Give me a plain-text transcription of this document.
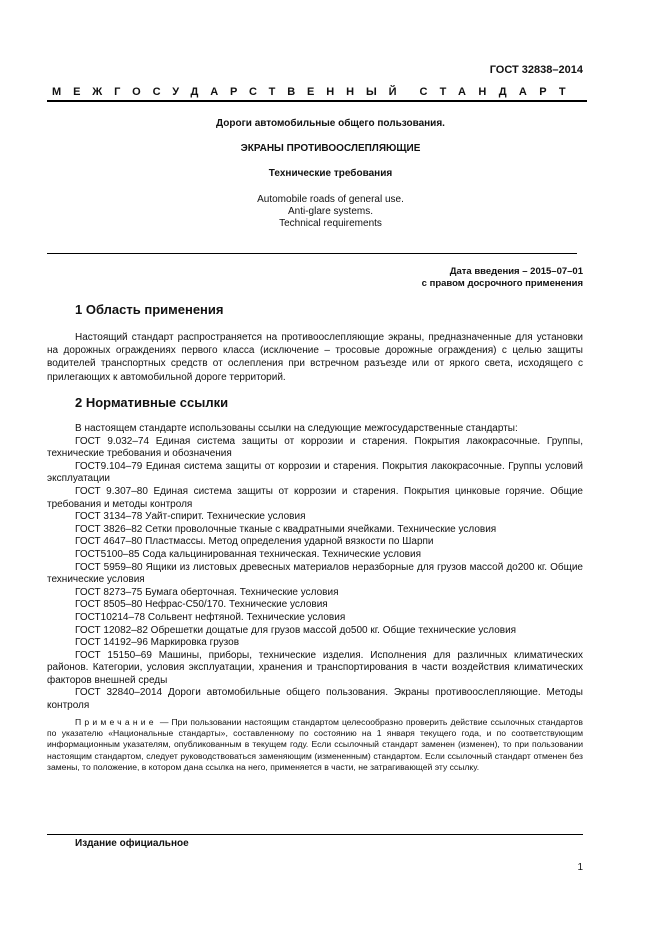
ГОСТ 32838–2014
МЕЖГОСУДАРСТВЕННЫЙ СТАНДАРТ
Дороги автомобильные общего пользования.
ЭКРАНЫ ПРОТИВООСЛЕПЛЯЮЩИЕ
Технические требования
Automobile roads of general use.
Anti-glare systems.
Technical requirements
Дата введения – 2015–07–01
с правом досрочного применения
1 Область применения
Настоящий стандарт распространяется на противоослепляющие экраны, предназначенные для установки на дорожных ограждениях первого класса (исключение – тросовые дорожные ограждения) с целью защиты водителей транспортных средств от ослепления при встречном разъезде или от яркого света, исходящего с прилегающих к автомобильной дороге территорий.
2 Нормативные ссылки
В настоящем стандарте использованы ссылки на следующие межгосударственные стандарты:
ГОСТ 9.032–74 Единая система защиты от коррозии и старения. Покрытия лакокрасочные. Группы, технические требования и обозначения
ГОСТ9.104–79 Единая система защиты от коррозии и старения. Покрытия лакокрасочные. Группы условий эксплуатации
ГОСТ 9.307–80 Единая система защиты от коррозии и старения. Покрытия цинковые горячие. Общие требования и методы контроля
ГОСТ 3134–78 Уайт-спирит. Технические условия
ГОСТ 3826–82 Сетки проволочные тканые с квадратными ячейками. Технические условия
ГОСТ 4647–80 Пластмассы. Метод определения ударной вязкости по Шарпи
ГОСТ5100–85 Сода кальцинированная техническая. Технические условия
ГОСТ 5959–80 Ящики из листовых древесных материалов неразборные для грузов массой до200 кг. Общие технические условия
ГОСТ 8273–75 Бумага оберточная. Технические условия
ГОСТ 8505–80 Нефрас-С50/170. Технические условия
ГОСТ10214–78 Сольвент нефтяной. Технические условия
ГОСТ 12082–82 Обрешетки дощатые для грузов массой до500 кг. Общие технические условия
ГОСТ 14192–96 Маркировка грузов
ГОСТ 15150–69 Машины, приборы, технические изделия. Исполнения для различных климатических районов. Категории, условия эксплуатации, хранения и транспортирования в части воздействия климатических факторов внешней среды
ГОСТ 32840–2014 Дороги автомобильные общего пользования. Экраны противоослепляющие. Методы контроля
Примечание — При пользовании настоящим стандартом целесообразно проверить действие ссылочных стандартов по указателю «Национальные стандарты», составленному по состоянию на 1 января текущего года, и по соответствующим информационным указателям, опубликованным в текущем году. Если ссылочный стандарт заменен (изменен), то при пользовании настоящим стандартом, следует руководствоваться заменяющим (измененным) стандартом. Если ссылочный стандарт отменен без замены, то положение, в котором дана ссылка на него, применяется в части, не затрагивающей эту ссылку.
Издание официальное
1
